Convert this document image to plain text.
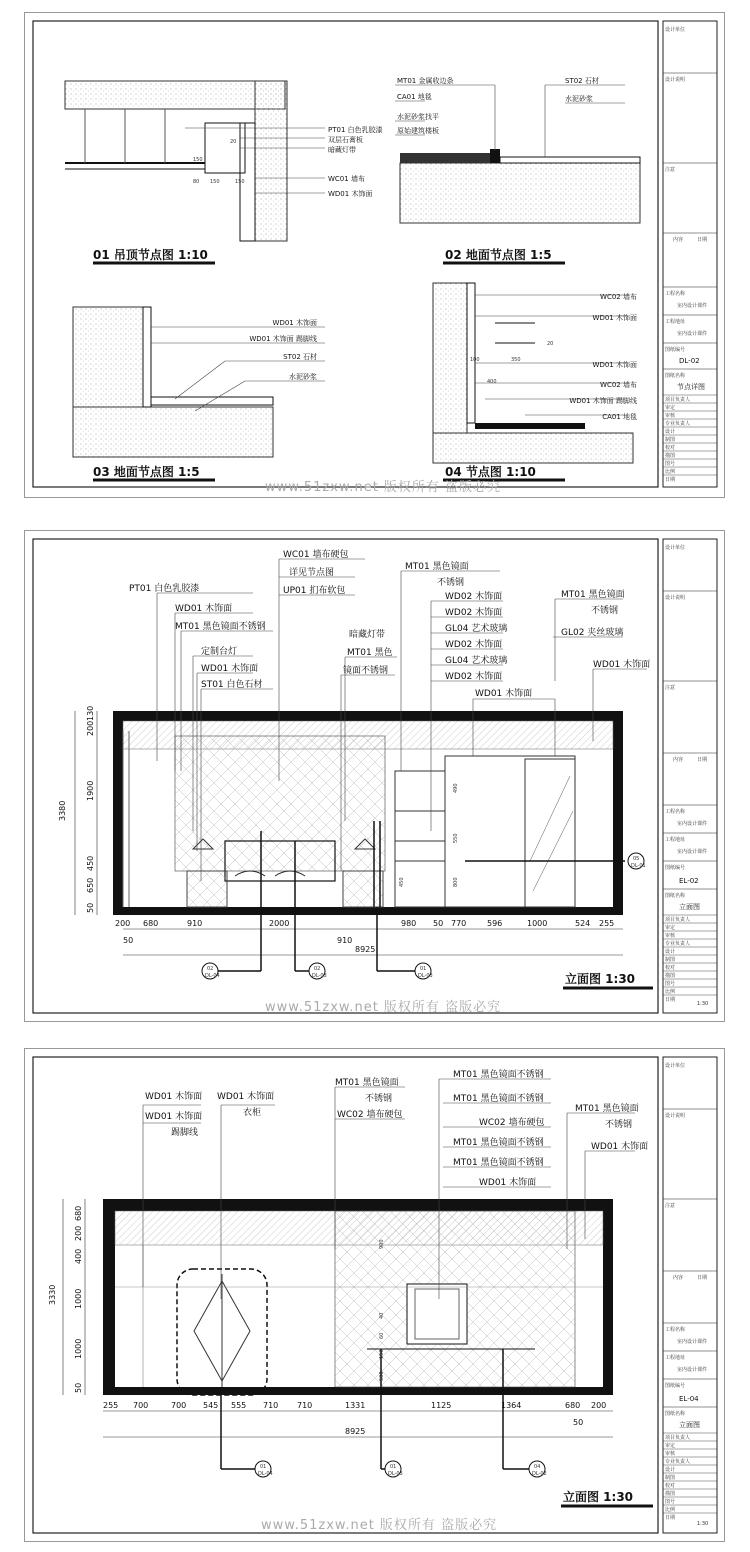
PT01 白色乳胶漆
双层石膏板
暗藏灯带
WC01 墙布
WD01 木饰面
150
80 150	150
20
01 吊顶节点图 1:10
MT01 金属收边条
CA01 地毯
水泥砂浆找平
原始建筑楼板
ST02 石材
水泥砂浆
02 地面节点图 1:5
WD01 木饰面
WD01 木饰面 踢脚线
ST02 石材
水泥砂浆
03 地面节点图 1:5
WC02 墙布
WD01 木饰面
WD01 木饰面
WC02 墙布
WD01 木饰面 踢脚线
CA01 地毯
100	350
20
400
04 节点图 1:10
www.51zxw.net 版权所有 盗版必究
设计单位
设计说明
注意
内容	日期
工程名称
室内设计课件
工程地址
室内设计课件
图纸编号
DL-02
图纸名称
节点详图
项目负责人
审定
审核
专业负责人
设计
制图
校对
描图
图号
比例
日期
PT01 白色乳胶漆
WD01 木饰面
MT01 黑色镜面不锈钢
定制台灯
WD01 木饰面
ST01 白色石材
WC01 墙布硬包
详见节点图
UP01 扪布软包
暗藏灯带
MT01 黑色
镜面不锈钢
MT01 黑色镜面
不锈钢
WD02 木饰面
WD02 木饰面
GL04 艺术玻璃
WD02 木饰面
GL04 艺术玻璃
WD02 木饰面
WD01 木饰面
MT01 黑色镜面
不锈钢
GL02 夹丝玻璃
WD01 木饰面
3380
130
200
1900
450
650
50
490
550
800
450
200 680	910	2000	980 50 770	596	1000	524 255
50	910
8925
02
DL-04
02
DL-03
01
DL-03
05
DL-01
立面图 1:30
www.51zxw.net 版权所有 盗版必究
设计单位
设计说明
注意
内容	日期
工程名称
室内设计课件
工程地址
室内设计课件
图纸编号
EL-02
图纸名称
立面图
项目负责人
审定
审核
专业负责人
设计
制图
校对
描图
图号
比例
日期
1:30
WD01 木饰面
WD01 木饰面
踢脚线
WD01 木饰面
衣柜
MT01 黑色镜面
不锈钢
WC02 墙布硬包
MT01 黑色镜面不锈钢
MT01 黑色镜面不锈钢
WC02 墙布硬包
MT01 黑色镜面不锈钢
MT01 黑色镜面不锈钢
WD01 木饰面
MT01 黑色镜面
不锈钢
WD01 木饰面
3330
680
200
400
1000
1000
50
900
40
60
150
500
255 700	700 545 555 710 710	1331	1125	1364	680 200
50
8925
01
DL-04
01
DL-03
04
DL-02
立面图 1:30
www.51zxw.net 版权所有 盗版必究
设计单位
设计说明
注意
内容	日期
工程名称
室内设计课件
工程地址
室内设计课件
图纸编号
EL-04
图纸名称
立面图
项目负责人
审定
审核
专业负责人
设计
制图
校对
描图
图号
比例
日期
1:30
